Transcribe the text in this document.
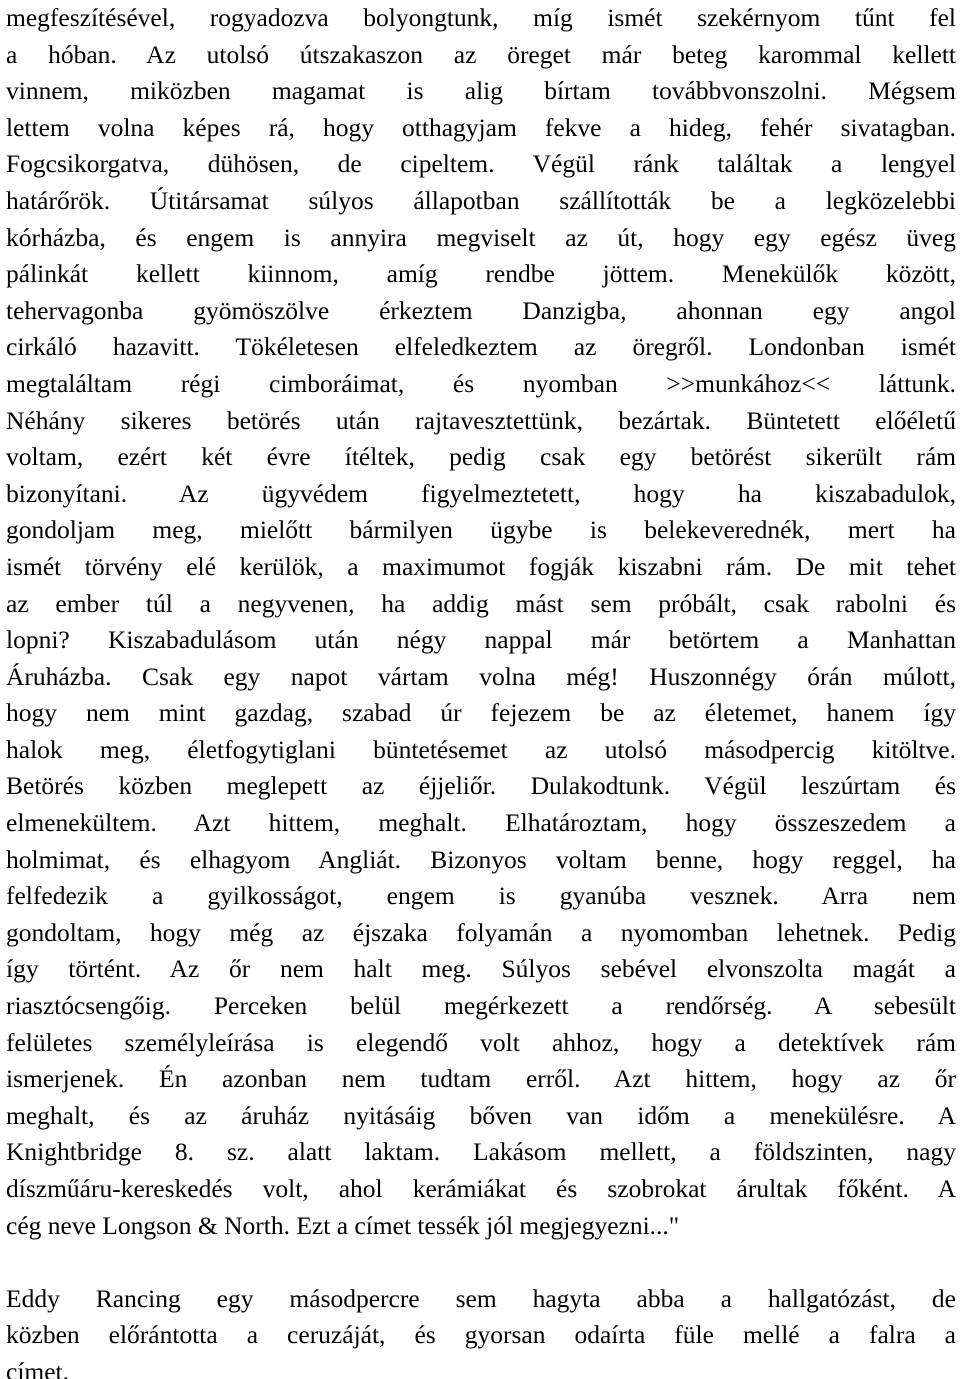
megfeszítésével, rogyadozva bolyongtunk, míg ismét szekérnyom tűnt fel
a hóban. Az utolsó útszakaszon az öreget már beteg karommal kellett
vinnem, miközben magamat is alig bírtam továbbvonszolni. Mégsem
lettem volna képes rá, hogy otthagyjam fekve a hideg, fehér sivatagban.
Fogcsikorgatva, dühösen, de cipeltem. Végül ránk találtak a lengyel
határőrök. Útitársamat súlyos állapotban szállították be a legközelebbi
kórházba, és engem is annyira megviselt az út, hogy egy egész üveg
pálinkát kellett kiinnom, amíg rendbe jöttem. Menekülők között,
tehervagonba gyömöszölve érkeztem Danzigba, ahonnan egy angol
cirkáló hazavitt. Tökéletesen elfeledkeztem az öregről. Londonban ismét
megtaláltam régi cimboráimat, és nyomban >>munkához<< láttunk.
Néhány sikeres betörés után rajtavesztettünk, bezártak. Büntetett előéletű
voltam, ezért két évre ítéltek, pedig csak egy betörést sikerült rám
bizonyítani. Az ügyvédem figyelmeztetett, hogy ha kiszabadulok,
gondoljam meg, mielőtt bármilyen ügybe is belekeverednék, mert ha
ismét törvény elé kerülök, a maximumot fogják kiszabni rám. De mit tehet
az ember túl a negyvenen, ha addig mást sem próbált, csak rabolni és
lopni? Kiszabadulásom után négy nappal már betörtem a Manhattan
Áruházba. Csak egy napot vártam volna még! Huszonnégy órán múlott,
hogy nem mint gazdag, szabad úr fejezem be az életemet, hanem így
halok meg, életfogytiglani büntetésemet az utolsó másodpercig kitöltve.
Betörés közben meglepett az éjjeliőr. Dulakodtunk. Végül leszúrtam és
elmenekültem. Azt hittem, meghalt. Elhatároztam, hogy összeszedem a
holmimat, és elhagyom Angliát. Bizonyos voltam benne, hogy reggel, ha
felfedezik a gyilkosságot, engem is gyanúba vesznek. Arra nem
gondoltam, hogy még az éjszaka folyamán a nyomomban lehetnek. Pedig
így történt. Az őr nem halt meg. Súlyos sebével elvonszolta magát a
riasztócsengőig. Perceken belül megérkezett a rendőrség. A sebesült
felületes személyleírása is elegendő volt ahhoz, hogy a detektívek rám
ismerjenek. Én azonban nem tudtam erről. Azt hittem, hogy az őr
meghalt, és az áruház nyitásáig bőven van időm a menekülésre. A
Knightbridge 8. sz. alatt laktam. Lakásom mellett, a földszinten, nagy
díszműáru-kereskedés volt, ahol kerámiákat és szobrokat árultak főként. A
cég neve Longson & North. Ezt a címet tessék jól megjegyezni..."
Eddy Rancing egy másodpercre sem hagyta abba a hallgatózást, de
közben előrántotta a ceruzáját, és gyorsan odaírta füle mellé a falra a
címet.
